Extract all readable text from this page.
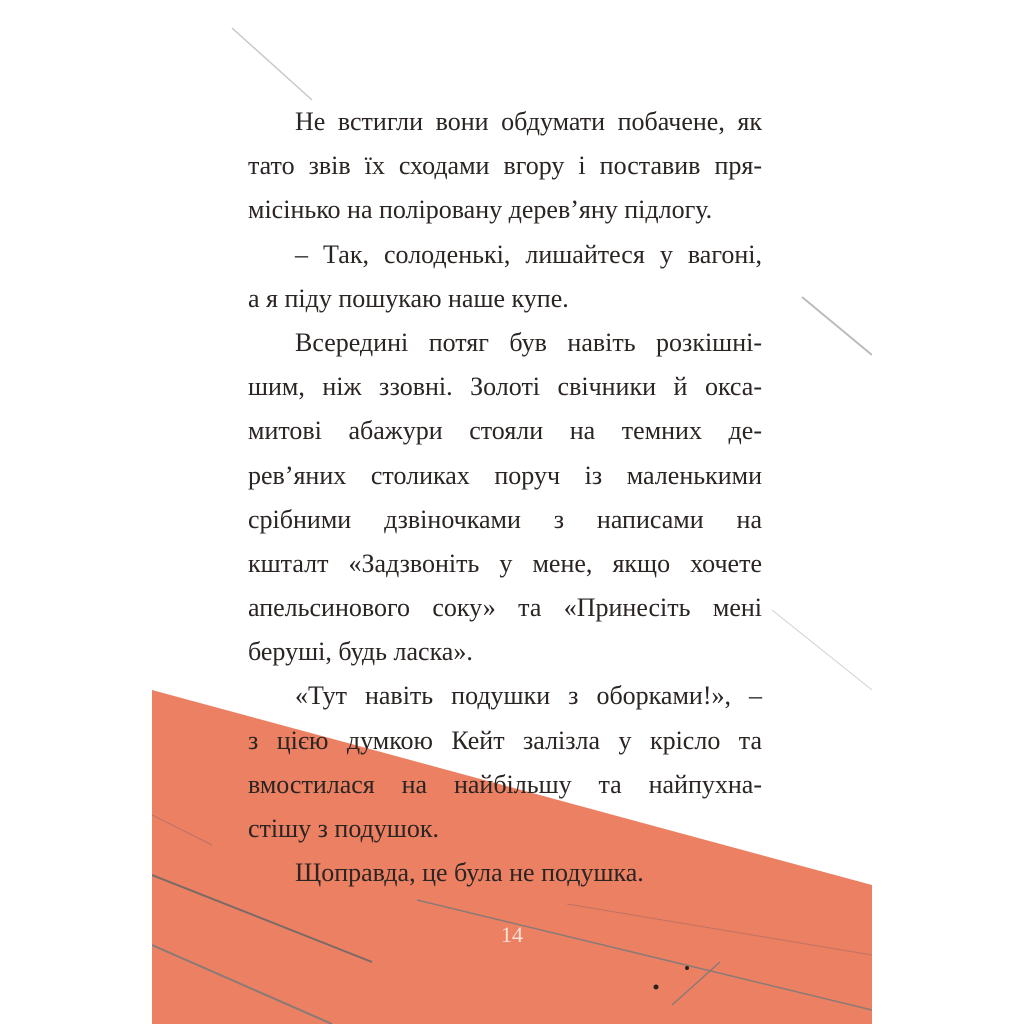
Не встигли вони обдумати побачене, як
тато звів їх сходами вгору і поставив пря-
місінько на поліровану дерев’яну підлогу.
– Так, солоденькі, лишайтеся у вагоні,
а я піду пошукаю наше купе.
Всередині потяг був навіть розкішні-
шим, ніж ззовні. Золоті свічники й окса-
митові абажури стояли на темних де-
рев’яних столиках поруч із маленькими
срібними дзвіночками з написами на
кшталт «Задзвоніть у мене, якщо хочете
апельсинового соку» та «Принесіть мені
беруші, будь ласка».
«Тут навіть подушки з оборками!», –
з цією думкою Кейт залізла у крісло та
вмостилася на найбільшу та найпухна-
стішу з подушок.
Щоправда, це була не подушка.
14
